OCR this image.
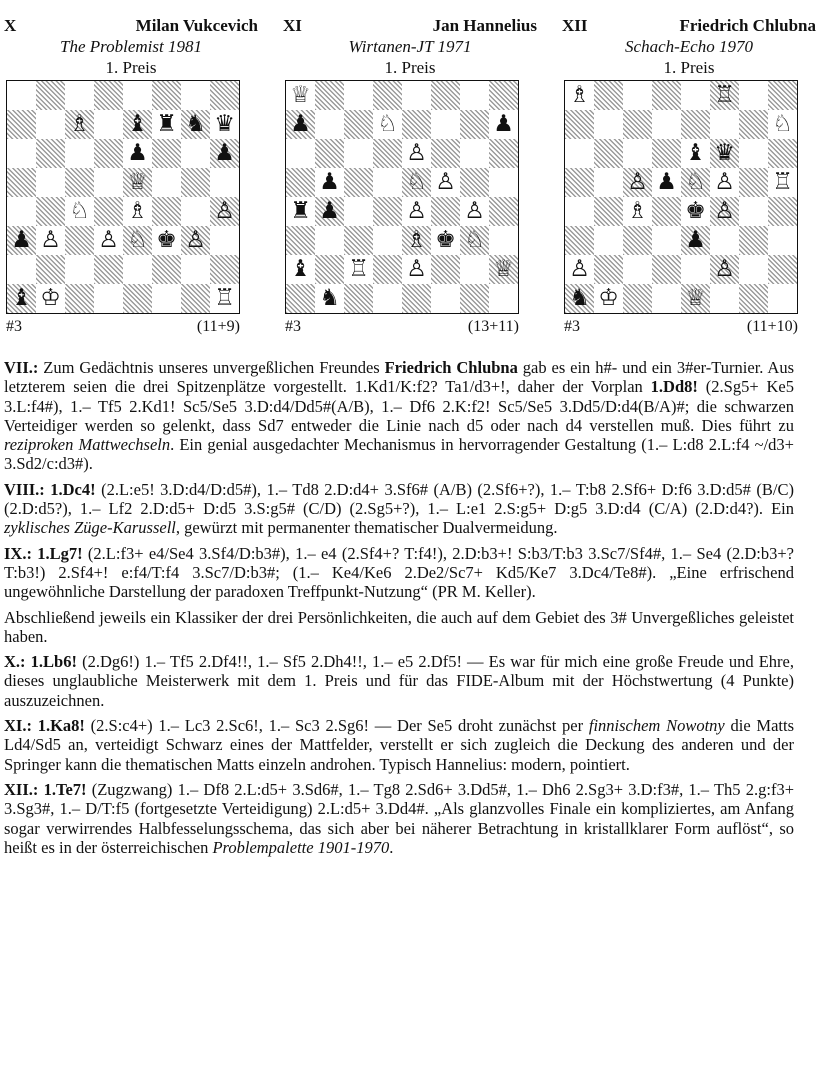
X	Milan Vukcevich
The Problemist 1981
1. Preis
♗ ♝ ♜ ♞ ♛
♟	♟
♕
♘ ♗	♙
♟ ♙ ♙ ♘ ♚ ♙
♝ ♔	♖
#3	(11+9)
XI	Jan Hannelius
Wirtanen-JT 1971
1. Preis
♕
♟	♘	♟
♙
♟	♘ ♙
♜ ♟	♙ ♙
♗ ♚ ♘
♝ ♖ ♙	♕
♞
#3	(13+11)
XII	Friedrich Chlubna
Schach-Echo 1970
1. Preis
♗	♖
♘
♝ ♛
♙ ♟ ♘ ♙ ♖
♗ ♚ ♙
♟
♙	♙
♞ ♔	♕
#3	(11+10)

VII.: Zum Gedächtnis unseres unvergeßlichen Freundes Friedrich Chlubna gab es ein h#- und ein 3#er-Turnier. Aus letzterem seien die drei Spitzenplätze vorgestellt. 1.Kd1/K:f2? Ta1/d3+!, daher der Vorplan 1.Dd8! (2.Sg5+ Ke5 3.L:f4#), 1.– Tf5 2.Kd1! Sc5/Se5 3.D:d4/Dd5#(A/B), 1.– Df6 2.K:f2! Sc5/Se5 3.Dd5/D:d4(B/A)#; die schwarzen Verteidiger werden so gelenkt, dass Sd7 entweder die Linie nach d5 oder nach d4 verstellen muß. Dies führt zu reziproken Mattwechseln. Ein genial ausgedachter Mechanismus in hervorragender Gestaltung (1.– L:d8 2.L:f4 ~/d3+ 3.Sd2/c:d3#).

VIII.: 1.Dc4! (2.L:e5! 3.D:d4/D:d5#), 1.– Td8 2.D:d4+ 3.Sf6# (A/B) (2.Sf6+?), 1.– T:b8 2.Sf6+ D:f6 3.D:d5# (B/C) (2.D:d5?), 1.– Lf2 2.D:d5+ D:d5 3.S:g5# (C/D) (2.Sg5+?), 1.– L:e1 2.S:g5+ D:g5 3.D:d4 (C/A) (2.D:d4?). Ein zyklisches Züge-Karussell, gewürzt mit permanenter thematischer Dualvermeidung.

IX.: 1.Lg7! (2.L:f3+ e4/Se4 3.Sf4/D:b3#), 1.– e4 (2.Sf4+? T:f4!), 2.D:b3+! S:b3/T:b3 3.Sc7/Sf4#, 1.– Se4 (2.D:b3+? T:b3!) 2.Sf4+! e:f4/T:f4 3.Sc7/D:b3#; (1.– Ke4/Ke6 2.De2/Sc7+ Kd5/Ke7 3.Dc4/Te8#). „Eine erfrischend ungewöhnliche Darstellung der paradoxen Treffpunkt-Nutzung“ (PR M. Keller).

Abschließend jeweils ein Klassiker der drei Persönlichkeiten, die auch auf dem Gebiet des 3# Unvergeßliches geleistet haben.

X.: 1.Lb6! (2.Dg6!) 1.– Tf5 2.Df4!!, 1.– Sf5 2.Dh4!!, 1.– e5 2.Df5! — Es war für mich eine große Freude und Ehre, dieses unglaubliche Meisterwerk mit dem 1. Preis und für das FIDE-Album mit der Höchstwertung (4 Punkte) auszuzeichnen.

XI.: 1.Ka8! (2.S:c4+) 1.– Lc3 2.Sc6!, 1.– Sc3 2.Sg6! — Der Se5 droht zunächst per finnischem Nowotny die Matts Ld4/Sd5 an, verteidigt Schwarz eines der Mattfelder, verstellt er sich zugleich die Deckung des anderen und der Springer kann die thematischen Matts einzeln androhen. Typisch Hannelius: modern, pointiert.

XII.: 1.Te7! (Zugzwang) 1.– Df8 2.L:d5+ 3.Sd6#, 1.– Tg8 2.Sd6+ 3.Dd5#, 1.– Dh6 2.Sg3+ 3.D:f3#, 1.– Th5 2.g:f3+ 3.Sg3#, 1.– D/T:f5 (fortgesetzte Verteidigung) 2.L:d5+ 3.Dd4#. „Als glanzvolles Finale ein kompliziertes, am Anfang sogar verwirrendes Halbfesselungsschema, das sich aber bei näherer Betrachtung in kristallklarer Form auflöst“, so heißt es in der österreichischen Problempalette 1901-1970.
